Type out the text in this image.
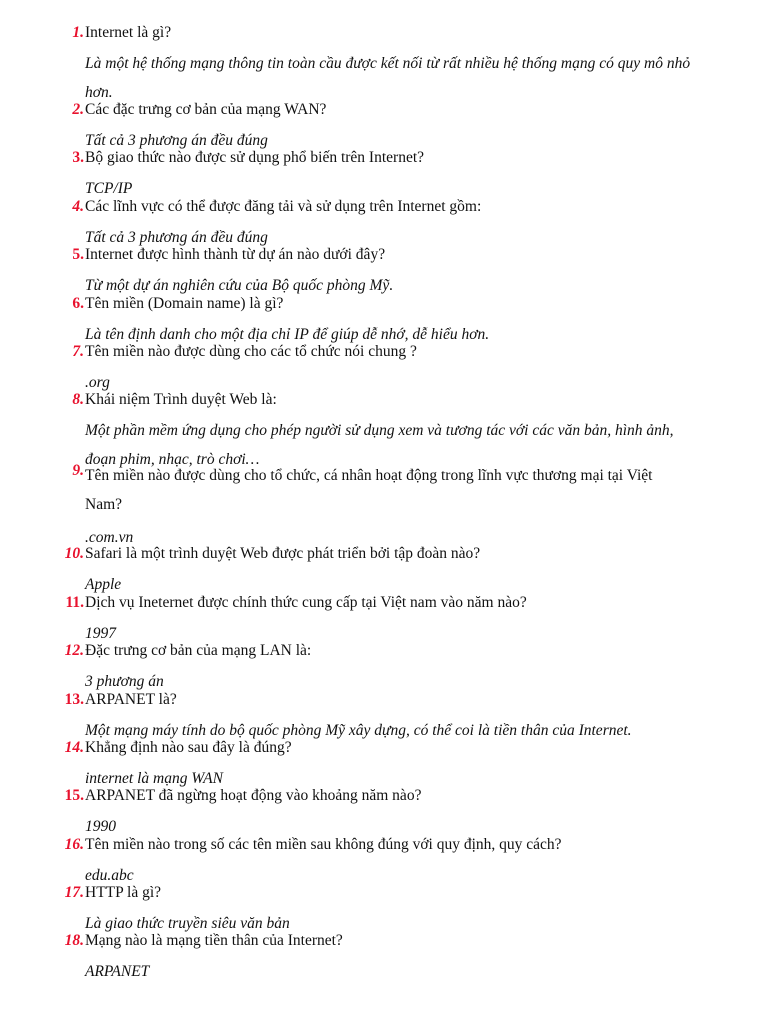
1. Internet là gì?
Là một hệ thống mạng thông tin toàn cầu được kết nối từ rất nhiều hệ thống mạng có quy mô nhỏ hơn.
2. Các đặc trưng cơ bản của mạng WAN?
Tất cả 3 phương án đều đúng
3. Bộ giao thức nào được sử dụng phổ biến trên Internet?
TCP/IP
4. Các lĩnh vực có thể được đăng tải và sử dụng trên Internet gồm:
Tất cả 3 phương án đều đúng
5. Internet được hình thành từ dự án nào dưới đây?
Từ một dự án nghiên cứu của Bộ quốc phòng Mỹ.
6. Tên miền (Domain name) là gì?
Là tên định danh cho một địa chỉ IP để giúp dễ nhớ, dễ hiểu hơn.
7. Tên miền nào được dùng cho các tổ chức nói chung ?
.org
8. Khái niệm Trình duyệt Web là:
Một phần mềm ứng dụng cho phép người sử dụng xem và tương tác với các văn bản, hình ảnh, đoạn phim, nhạc, trò chơi…
9. Tên miền nào được dùng cho tổ chức, cá nhân hoạt động trong lĩnh vực thương mại tại Việt Nam?
.com.vn
10. Safari là một trình duyệt Web được phát triển bởi tập đoàn nào?
Apple
11. Dịch vụ Ineternet được chính thức cung cấp tại Việt nam vào năm nào?
1997
12. Đặc trưng cơ bản của mạng LAN là:
3 phương án
13. ARPANET là?
Một mạng máy tính do bộ quốc phòng Mỹ xây dựng, có thể coi là tiền thân của Internet.
14. Khẳng định nào sau đây là đúng?
internet là mạng WAN
15. ARPANET đã ngừng hoạt động vào khoảng năm nào?
1990
16. Tên miền nào trong số các tên miền sau không đúng với quy định, quy cách?
edu.abc
17. HTTP là gì?
Là giao thức truyền siêu văn bản
18. Mạng nào là mạng tiền thân của Internet?
ARPANET
